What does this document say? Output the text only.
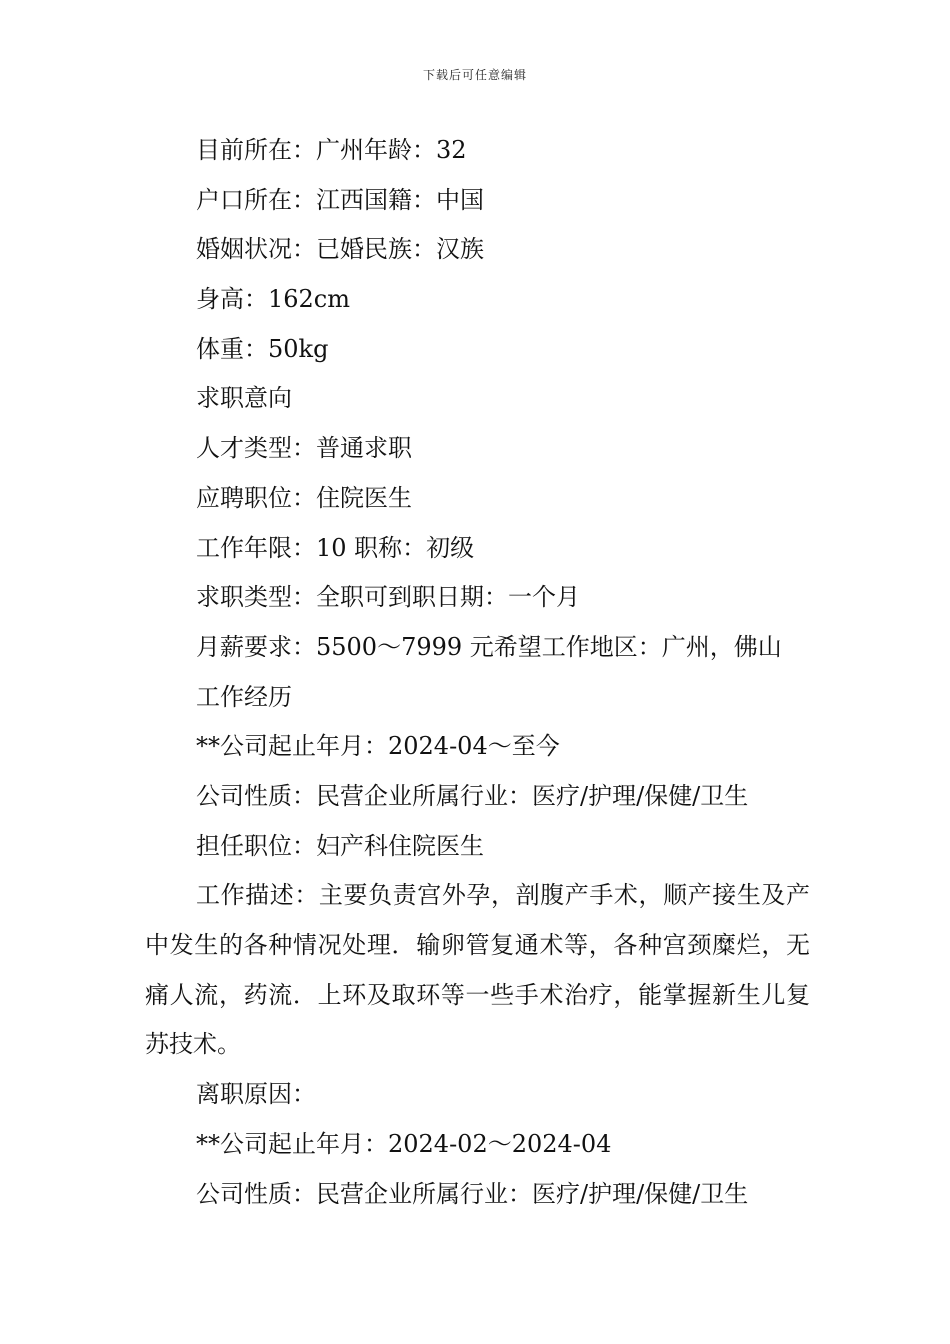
下载后可任意编辑
目前所在：广州年龄：32
户口所在：江西国籍：中国
婚姻状况：已婚民族：汉族
身高：162cm
体重：50kg
求职意向
人才类型：普通求职
应聘职位：住院医生
工作年限：10 职称：初级
求职类型：全职可到职日期：一个月
月薪要求：5500～7999 元希望工作地区：广州，佛山
工作经历
**公司起止年月：2024-04～至今
公司性质：民营企业所属行业：医疗/护理/保健/卫生
担任职位：妇产科住院医生

工作描述：主要负责宫外孕，剖腹产手术，顺产接生及产中发生的各种情况处理．输卵管复通术等，各种宫颈糜烂，无痛人流，药流．上环及取环等一些手术治疗，能掌握新生儿复苏技术。

离职原因：
**公司起止年月：2024-02～2024-04
公司性质：民营企业所属行业：医疗/护理/保健/卫生
